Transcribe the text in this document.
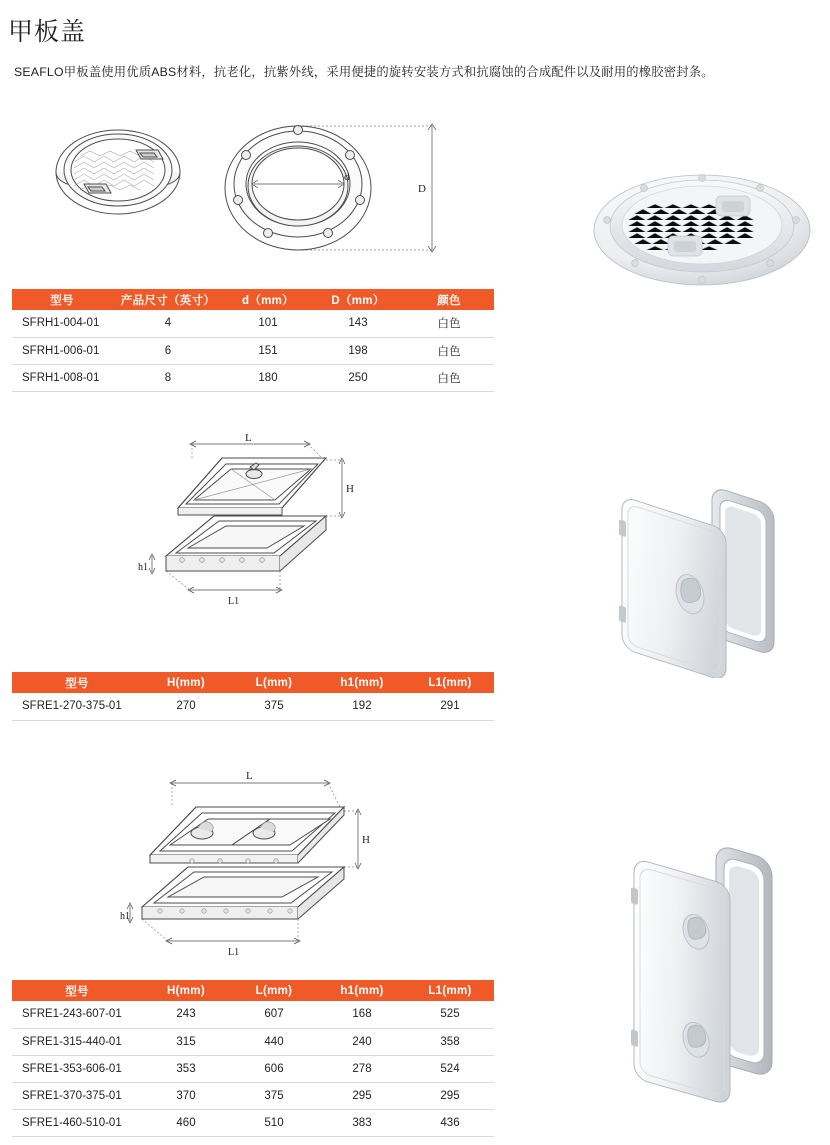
甲板盖
SEAFLO甲板盖使用优质ABS材料，抗老化，抗紫外线，采用便捷的旋转安装方式和抗腐蚀的合成配件以及耐用的橡胶密封条。
d
D
型号	产品尺寸（英寸）	d（mm）	D（mm）	颜色
SFRH1-004-01	4	101	143	白色
SFRH1-006-01	6	151	198	白色
SFRH1-008-01	8	180	250	白色
L
H
h1
L1
型号	H(mm)	L(mm)	h1(mm)	L1(mm)
SFRE1-270-375-01	270	375	192	291
L
H
h1
L1
型号	H(mm)	L(mm)	h1(mm)	L1(mm)
SFRE1-243-607-01	243	607	168	525
SFRE1-315-440-01	315	440	240	358
SFRE1-353-606-01	353	606	278	524
SFRE1-370-375-01	370	375	295	295
SFRE1-460-510-01	460	510	383	436
